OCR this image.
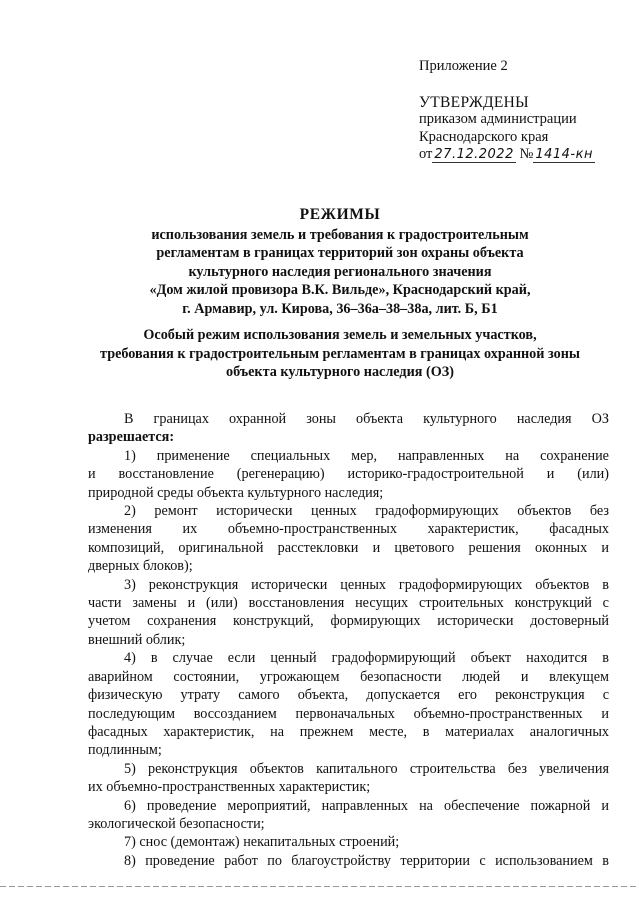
Приложение 2
УТВЕРЖДЕНЫ
приказом администрации
Краснодарского края
от 27.12.2022 № 1414-кн
РЕЖИМЫ
использования земель и требования к градостроительным
регламентам в границах территорий зон охраны объекта
культурного наследия регионального значения
«Дом жилой провизора В.К. Вильде», Краснодарский край,
г. Армавир, ул. Кирова, 36–36а–38–38а, лит. Б, Б1
Особый режим использования земель и земельных участков,
требования к градостроительным регламентам в границах охранной зоны
объекта культурного наследия (ОЗ)
В границах охранной зоны объекта культурного наследия ОЗ
разрешается:
1) применение специальных мер, направленных на сохранение
и восстановление (регенерацию) историко-градостроительной и (или)
природной среды объекта культурного наследия;
2) ремонт исторически ценных градоформирующих объектов без
изменения их объемно-пространственных характеристик, фасадных
композиций, оригинальной расстекловки и цветового решения оконных и
дверных блоков);
3) реконструкция исторически ценных градоформирующих объектов в
части замены и (или) восстановления несущих строительных конструкций с
учетом сохранения конструкций, формирующих исторически достоверный
внешний облик;
4) в случае если ценный градоформирующий объект находится в
аварийном состоянии, угрожающем безопасности людей и влекущем
физическую утрату самого объекта, допускается его реконструкция с
последующим воссозданием первоначальных объемно-пространственных и
фасадных характеристик, на прежнем месте, в материалах аналогичных
подлинным;
5) реконструкция объектов капитального строительства без увеличения
их объемно-пространственных характеристик;
6) проведение мероприятий, направленных на обеспечение пожарной и
экологической безопасности;
7) снос (демонтаж) некапитальных строений;
8) проведение работ по благоустройству территории с использованием в
